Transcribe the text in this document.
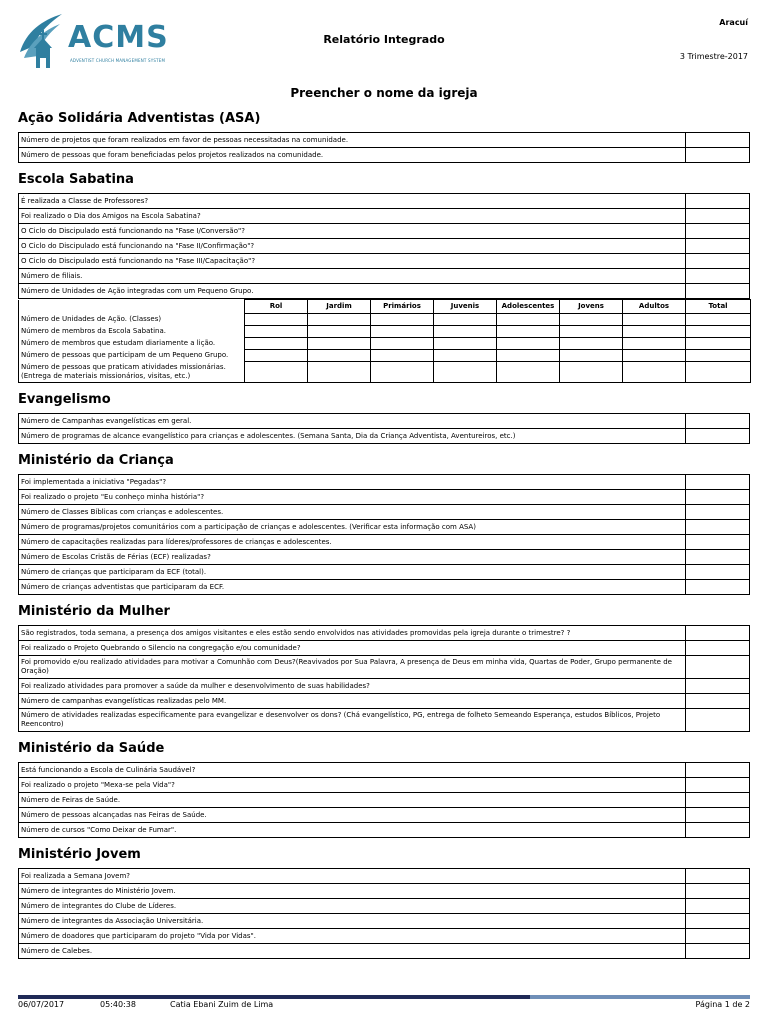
ACMS
ADVENTIST CHURCH MANAGEMENT SYSTEM
Relatório Integrado
Aracuí
3 Trimestre-2017
Preencher o nome da igreja
Ação Solidária Adventistas (ASA)
Número de projetos que foram realizados em favor de pessoas necessitadas na comunidade.	
Número de pessoas que foram beneficiadas pelos projetos realizados na comunidade.	
Escola Sabatina
É realizada a Classe de Professores?	
Foi realizado o Dia dos Amigos na Escola Sabatina?	
O Ciclo do Discipulado está funcionando na "Fase I/Conversão"?	
O Ciclo do Discipulado está funcionando na "Fase II/Confirmação"?	
O Ciclo do Discipulado está funcionando na "Fase III/Capacitação"?	
Número de filiais.	
Número de Unidades de Ação integradas com um Pequeno Grupo.	
	Rol	Jardim	Primários	Juvenis	Adolescentes	Jovens	Adultos	Total
Número de Unidades de Ação. (Classes)								
Número de membros da Escola Sabatina.								
Número de membros que estudam diariamente a lição.								
Número de pessoas que participam de um Pequeno Grupo.								
Número de pessoas que praticam atividades missionárias. (Entrega de materiais missionários, visitas, etc.)								
Evangelismo
Número de Campanhas evangelísticas em geral.	
Número de programas de alcance evangelístico para crianças e adolescentes. (Semana Santa, Dia da Criança Adventista, Aventureiros, etc.)	
Ministério da Criança
Foi implementada a iniciativa "Pegadas"?	
Foi realizado o projeto "Eu conheço minha história"?	
Número de Classes Bíblicas com crianças e adolescentes.	
Número de programas/projetos comunitários com a participação de crianças e adolescentes. (Verificar esta informação com ASA)	
Número de capacitações realizadas para líderes/professores de crianças e adolescentes.	
Número de Escolas Cristãs de Férias (ECF) realizadas?	
Número de crianças que participaram da ECF (total).	
Número de crianças adventistas que participaram da ECF.	
Ministério da Mulher
São registrados, toda semana, a presença dos amigos visitantes e eles estão sendo envolvidos nas atividades promovidas pela igreja durante o trimestre? ?	
Foi realizado o Projeto Quebrando o Silencio na congregação e/ou comunidade?	
Foi promovido e/ou realizado atividades para motivar a Comunhão com Deus?(Reavivados por Sua Palavra, A presença de Deus em minha vida, Quartas de Poder, Grupo permanente de Oração)	
Foi realizado atividades para promover a saúde da mulher e desenvolvimento de suas habilidades?	
Número de campanhas evangelísticas realizadas pelo MM.	
Número de atividades realizadas especificamente para evangelizar e desenvolver os dons? (Chá evangelístico, PG, entrega de folheto Semeando Esperança, estudos Bíblicos, Projeto Reencontro)	
Ministério da Saúde
Está funcionando a Escola de Culinária Saudável?	
Foi realizado o projeto "Mexa-se pela Vida"?	
Número de Feiras de Saúde.	
Número de pessoas alcançadas nas Feiras de Saúde.	
Número de cursos "Como Deixar de Fumar".	
Ministério Jovem
Foi realizada a Semana Jovem?	
Número de integrantes do Ministério Jovem.	
Número de integrantes do Clube de Líderes.	
Número de integrantes da Associação Universitária.	
Número de doadores que participaram do projeto "Vida por Vidas".	
Número de Calebes.	
06/07/2017	05:40:38	Catia Ebani Zuim de Lima	Página 1 de 2
